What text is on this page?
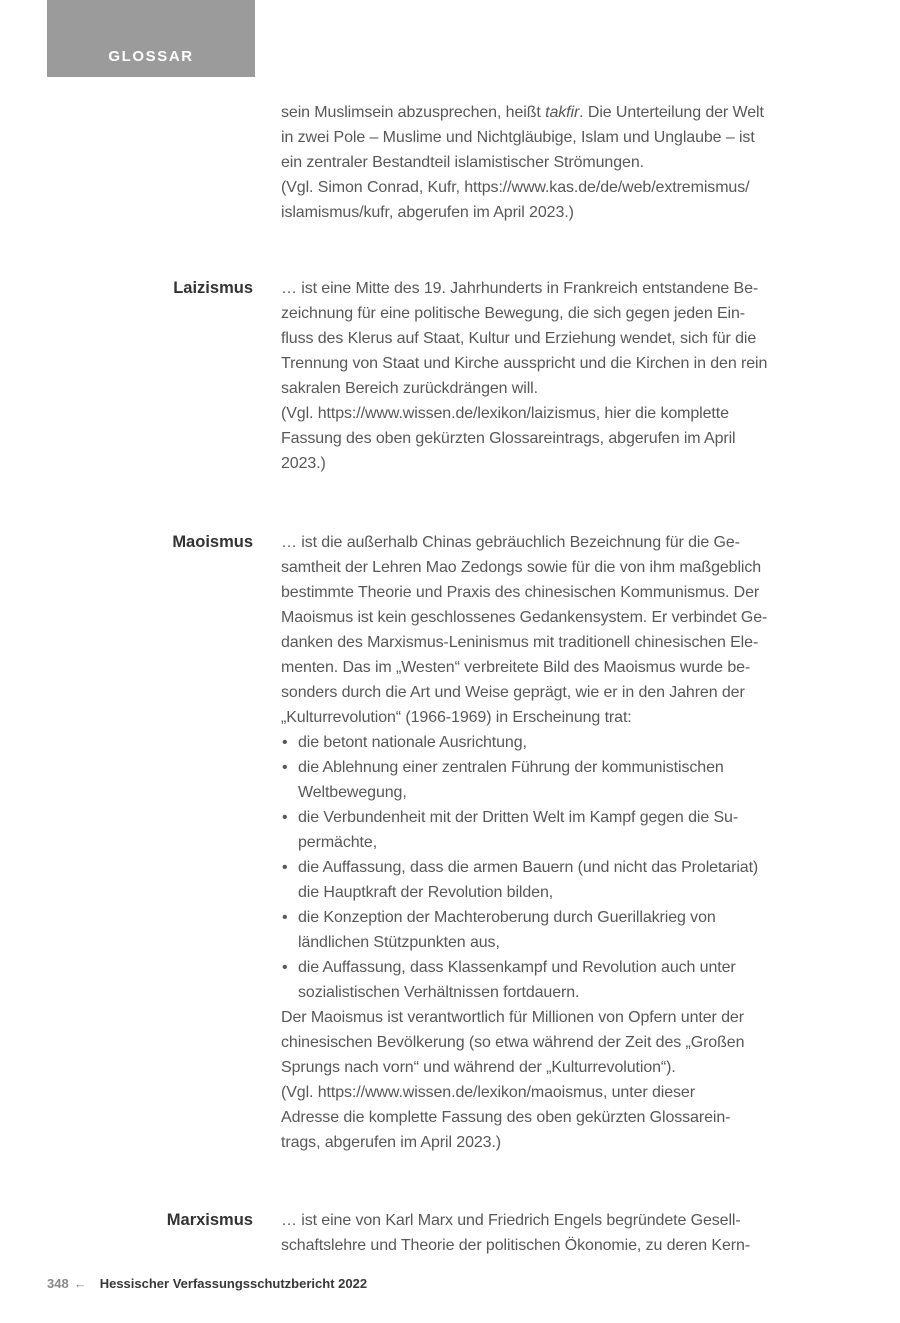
GLOSSAR
sein Muslimsein abzusprechen, heißt takfir. Die Unterteilung der Welt
in zwei Pole – Muslime und Nichtgläubige, Islam und Unglaube – ist
ein zentraler Bestandteil islamistischer Strömungen.
(Vgl. Simon Conrad, Kufr, https://www.kas.de/de/web/extremismus/
islamismus/kufr, abgerufen im April 2023.)
Laizismus … ist eine Mitte des 19. Jahrhunderts in Frankreich entstandene Be-
zeichnung für eine politische Bewegung, die sich gegen jeden Ein-
fluss des Klerus auf Staat, Kultur und Erziehung wendet, sich für die
Trennung von Staat und Kirche ausspricht und die Kirchen in den rein
sakralen Bereich zurückdrängen will.
(Vgl. https://www.wissen.de/lexikon/laizismus, hier die komplette
Fassung des oben gekürzten Glossareintrags, abgerufen im April
2023.)
Maoismus … ist die außerhalb Chinas gebräuchlich Bezeichnung für die Ge-
samtheit der Lehren Mao Zedongs sowie für die von ihm maßgeblich
bestimmte Theorie und Praxis des chinesischen Kommunismus. Der
Maoismus ist kein geschlossenes Gedankensystem. Er verbindet Ge-
danken des Marxismus-Leninismus mit traditionell chinesischen Ele-
menten. Das im „Westen“ verbreitete Bild des Maoismus wurde be-
sonders durch die Art und Weise geprägt, wie er in den Jahren der
„Kulturrevolution“ (1966-1969) in Erscheinung trat:
• die betont nationale Ausrichtung,
• die Ablehnung einer zentralen Führung der kommunistischen
Weltbewegung,
• die Verbundenheit mit der Dritten Welt im Kampf gegen die Su-
permächte,
• die Auffassung, dass die armen Bauern (und nicht das Proletariat)
die Hauptkraft der Revolution bilden,
• die Konzeption der Machteroberung durch Guerillakrieg von
ländlichen Stützpunkten aus,
• die Auffassung, dass Klassenkampf und Revolution auch unter
sozialistischen Verhältnissen fortdauern.
Der Maoismus ist verantwortlich für Millionen von Opfern unter der
chinesischen Bevölkerung (so etwa während der Zeit des „Großen
Sprungs nach vorn“ und während der „Kulturrevolution“).
(Vgl. https://www.wissen.de/lexikon/maoismus, unter dieser
Adresse die komplette Fassung des oben gekürzten Glossarein-
trags, abgerufen im April 2023.)
Marxismus … ist eine von Karl Marx und Friedrich Engels begründete Gesell-
schaftslehre und Theorie der politischen Ökonomie, zu deren Kern-
348 ← Hessischer Verfassungsschutzbericht 2022
